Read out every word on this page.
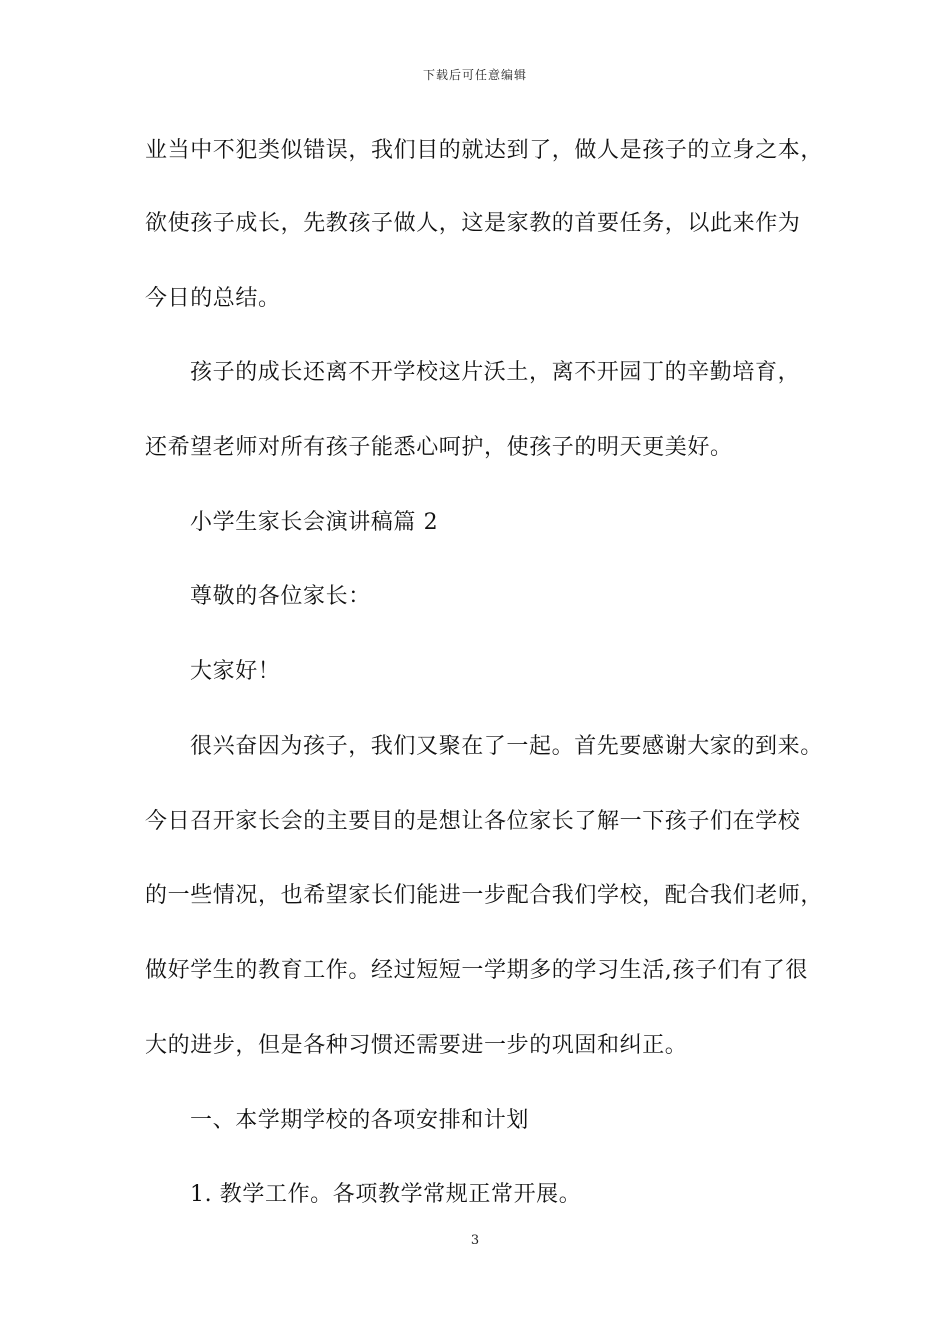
下载后可任意编辑
业当中不犯类似错误，我们目的就达到了，做人是孩子的立身之本，
欲使孩子成长，先教孩子做人，这是家教的首要任务，以此来作为
今日的总结。
孩子的成长还离不开学校这片沃土，离不开园丁的辛勤培育，
还希望老师对所有孩子能悉心呵护，使孩子的明天更美好。
小学生家长会演讲稿篇 2
尊敬的各位家长：
大家好！
很兴奋因为孩子，我们又聚在了一起。首先要感谢大家的到来。
今日召开家长会的主要目的是想让各位家长了解一下孩子们在学校
的一些情况，也希望家长们能进一步配合我们学校，配合我们老师，
做好学生的教育工作。经过短短一学期多的学习生活,孩子们有了很
大的进步，但是各种习惯还需要进一步的巩固和纠正。
一、本学期学校的各项安排和计划
1. 教学工作。各项教学常规正常开展。
3
